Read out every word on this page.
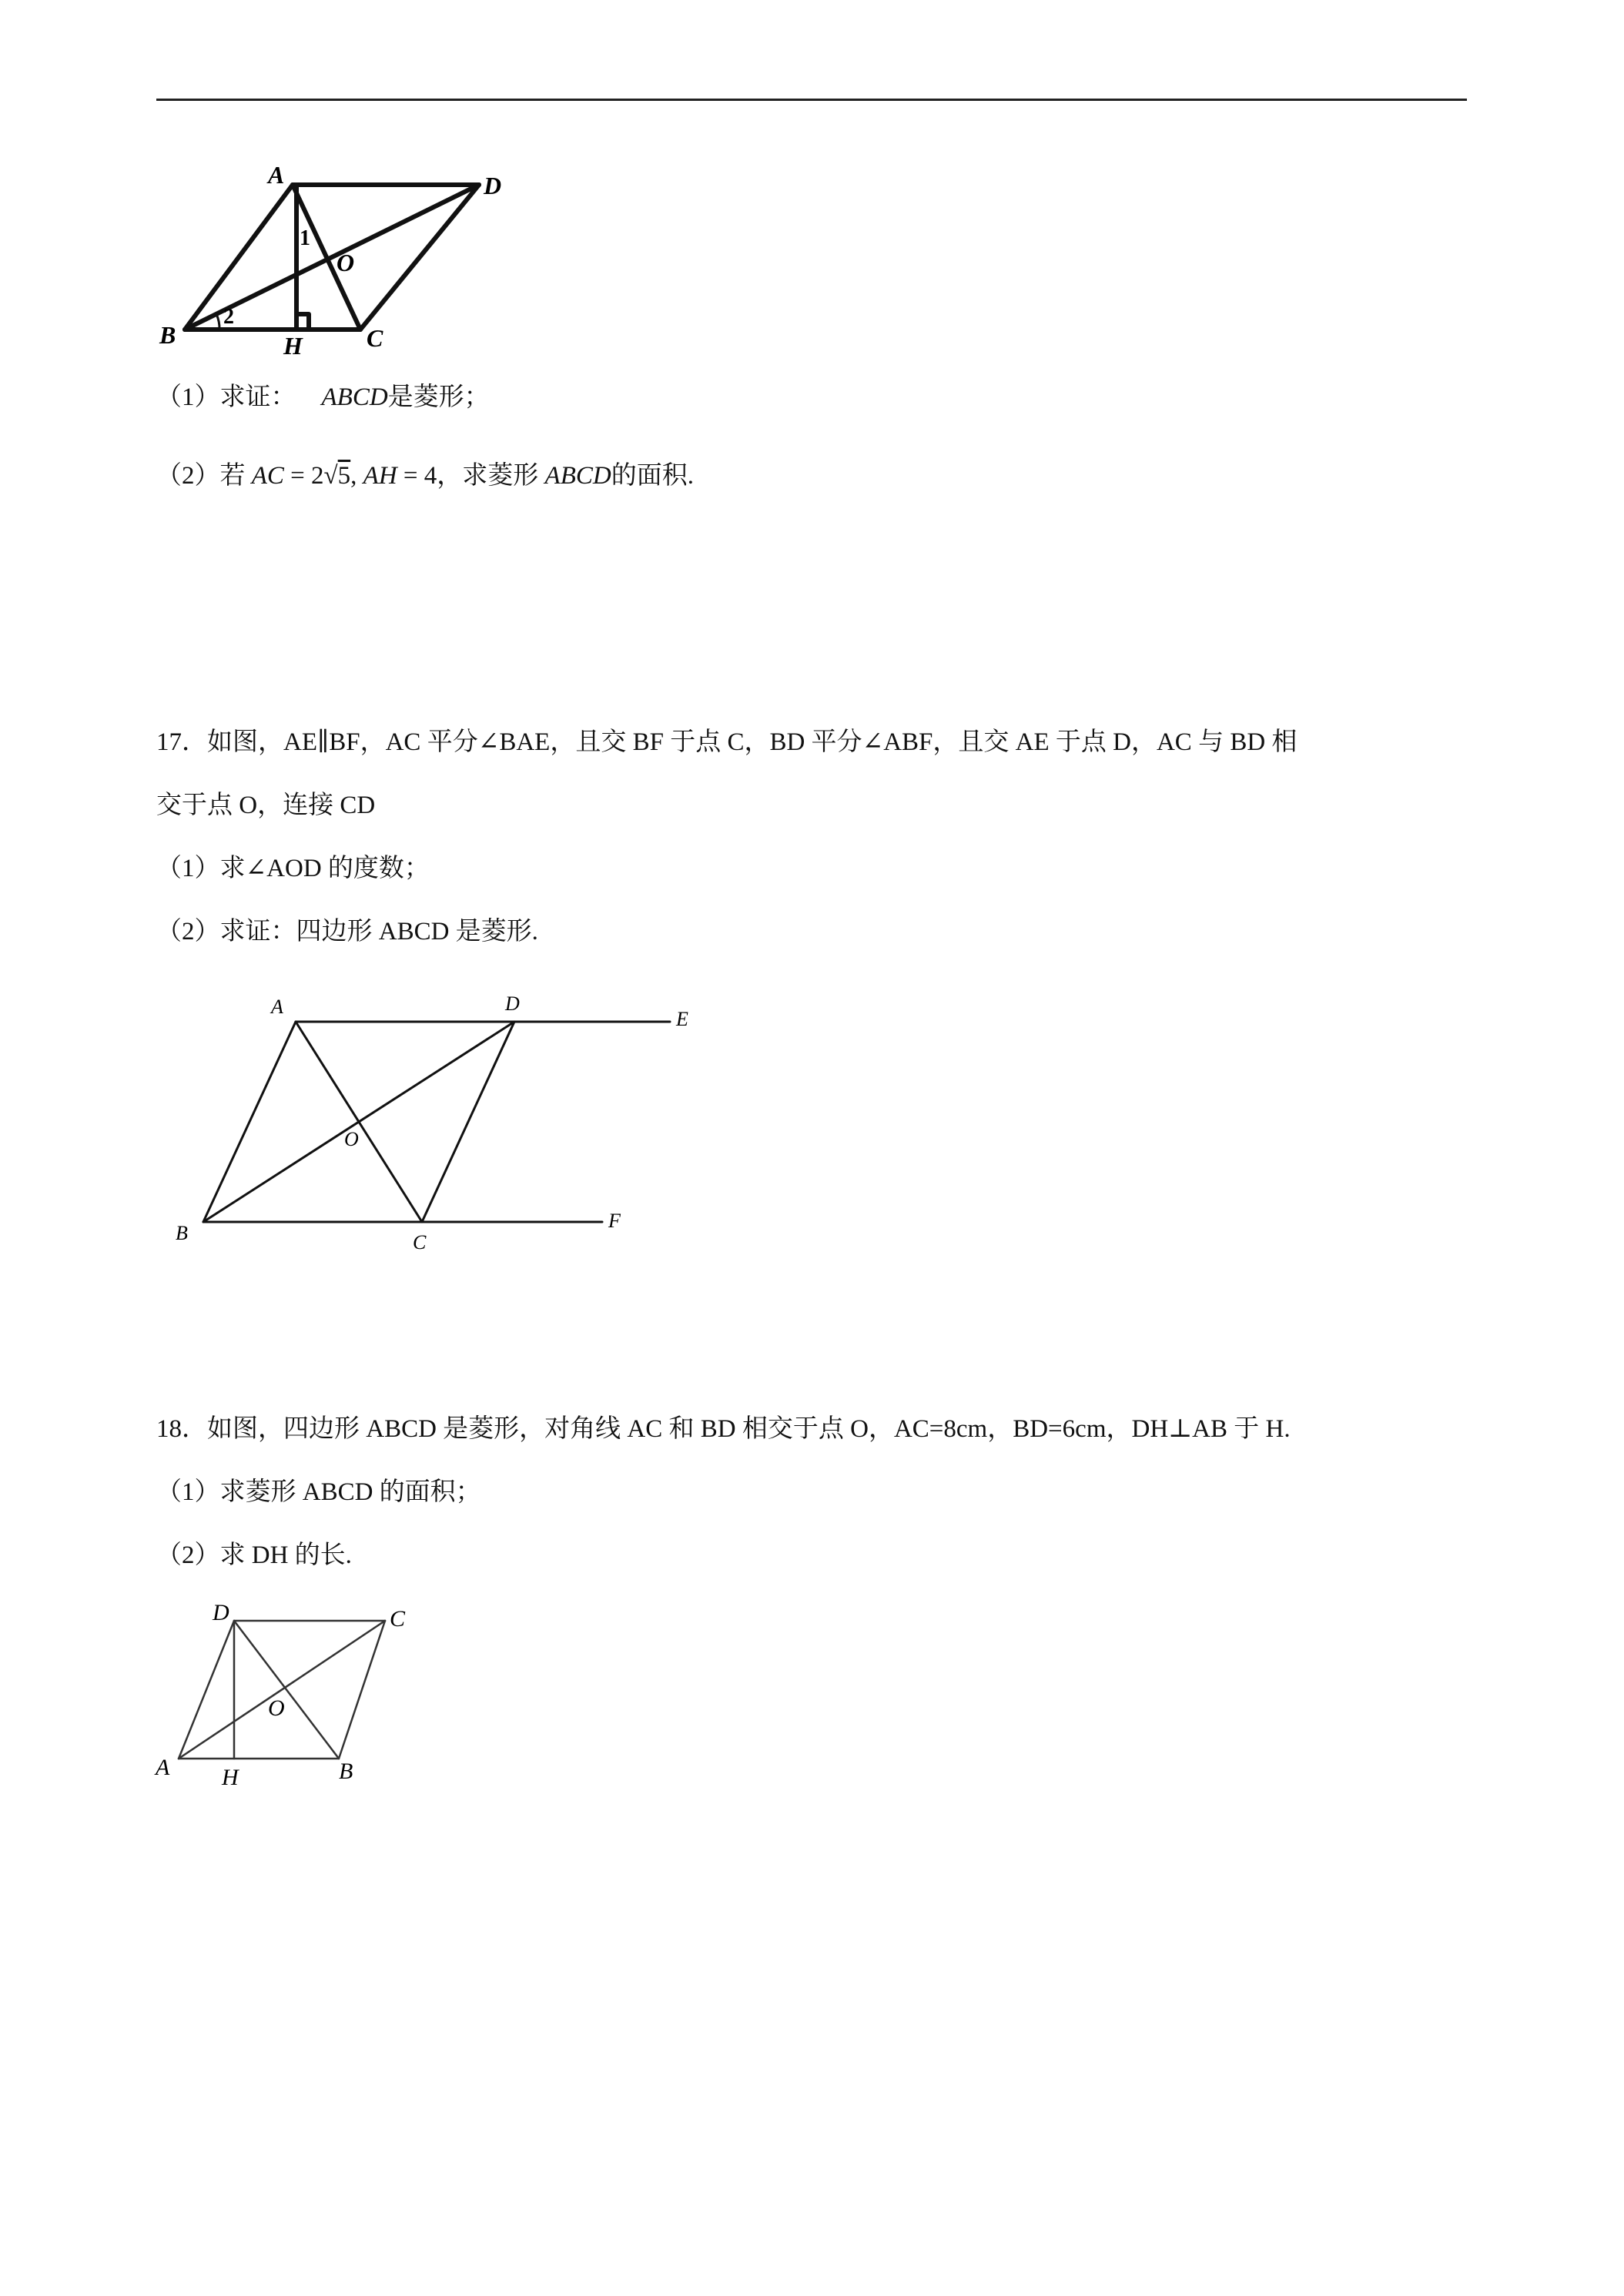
A	D
O
B	H	C
1
2
（1）求证： ABCD是菱形；
（2）若 AC = 2√5, AH = 4，求菱形 ABCD的面积.
17．如图，AE∥BF，AC 平分∠BAE，且交 BF 于点 C，BD 平分∠ABF，且交 AE 于点 D，AC 与 BD 相
交于点 O，连接 CD
（1）求∠AOD 的度数；
（2）求证：四边形 ABCD 是菱形.
A	D
E
O
B	C
F
18．如图，四边形 ABCD 是菱形，对角线 AC 和 BD 相交于点 O，AC=8cm，BD=6cm，DH⊥AB 于 H.
（1）求菱形 ABCD 的面积；
（2）求 DH 的长.
D	C
O
A H	B
